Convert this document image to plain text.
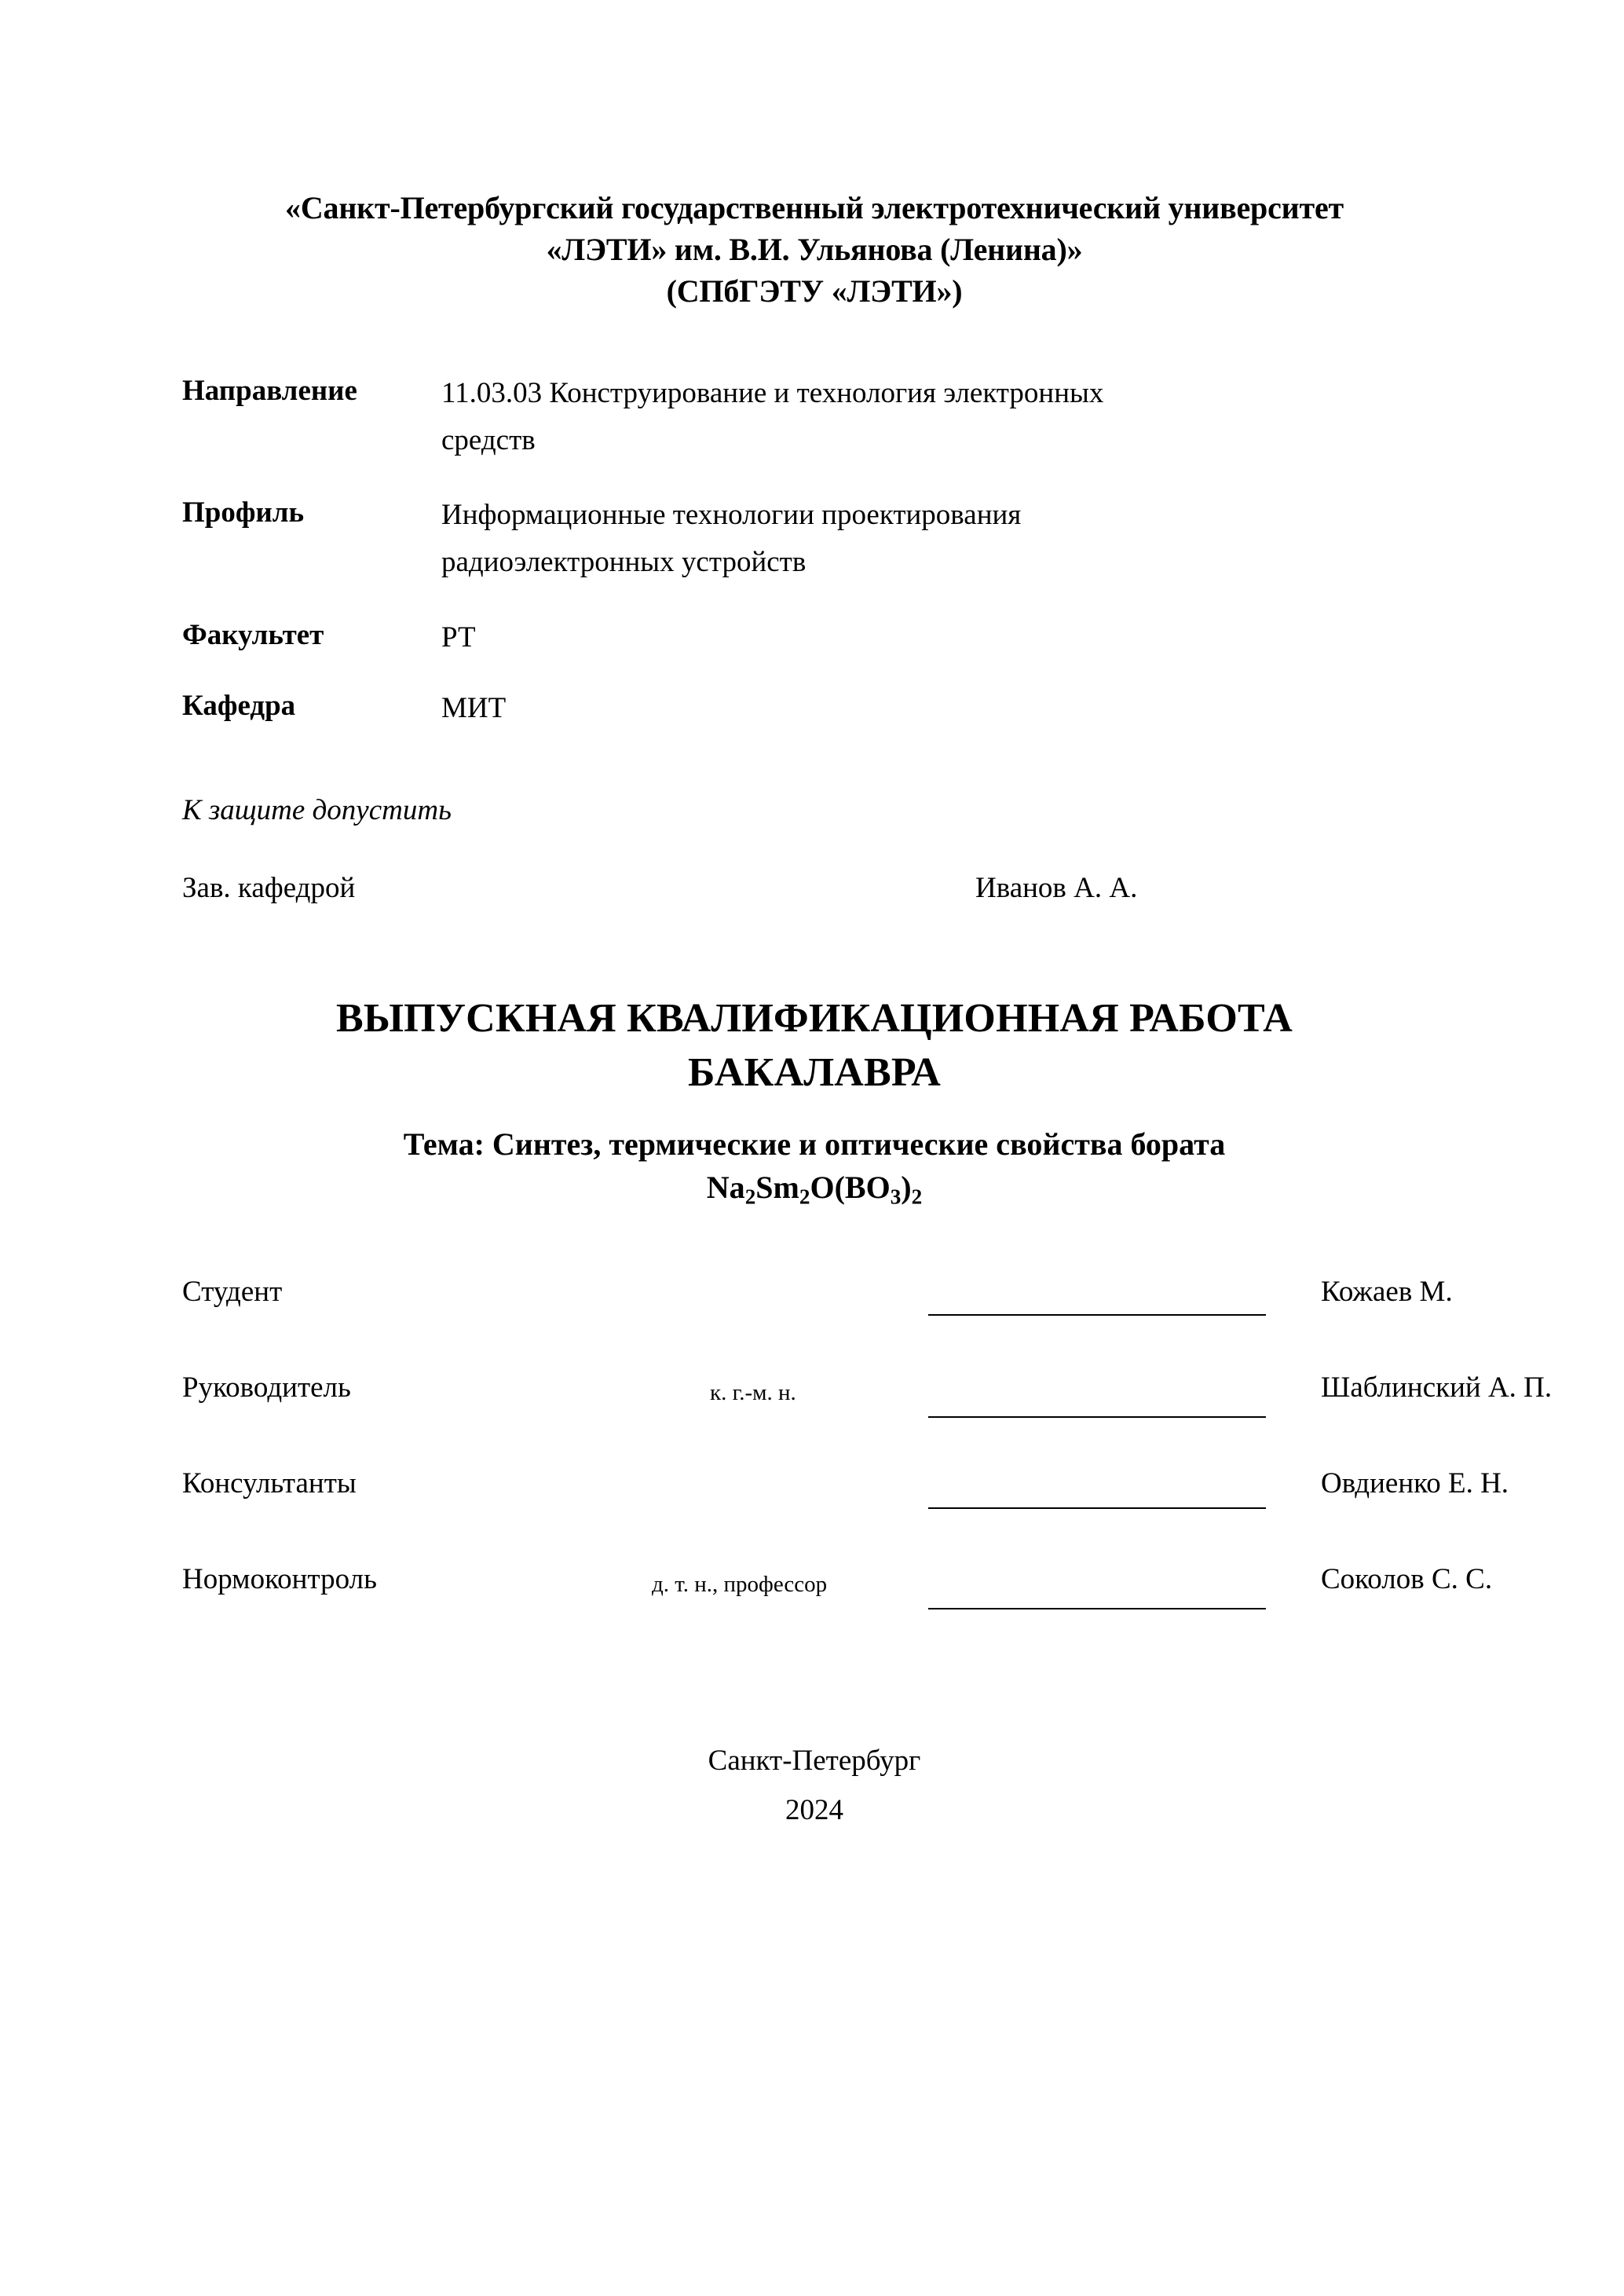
«Санкт-Петербургский государственный электротехнический университет
«ЛЭТИ» им. В.И. Ульянова (Ленина)»
(СПбГЭТУ «ЛЭТИ»)
Направление	11.03.03 Конструирование и технология электронных средств
Профиль	Информационные технологии проектирования радиоэлектронных устройств
Факультет	РТ
Кафедра	МИТ
К защите допустить
Зав. кафедрой	Иванов А. А.
ВЫПУСКНАЯ КВАЛИФИКАЦИОННАЯ РАБОТА
БАКАЛАВРА
Тема: Синтез, термические и оптические свойства бората
$Na_2Sm_2O(BO_3)_2$
Студент	Кожаев М.
Руководитель	к. г.-м. н.	Шаблинский А. П.
Консультанты	Овдиенко Е. Н.
Нормоконтроль	д. т. н., профессор	Соколов С. С.
Санкт-Петербург
2024
